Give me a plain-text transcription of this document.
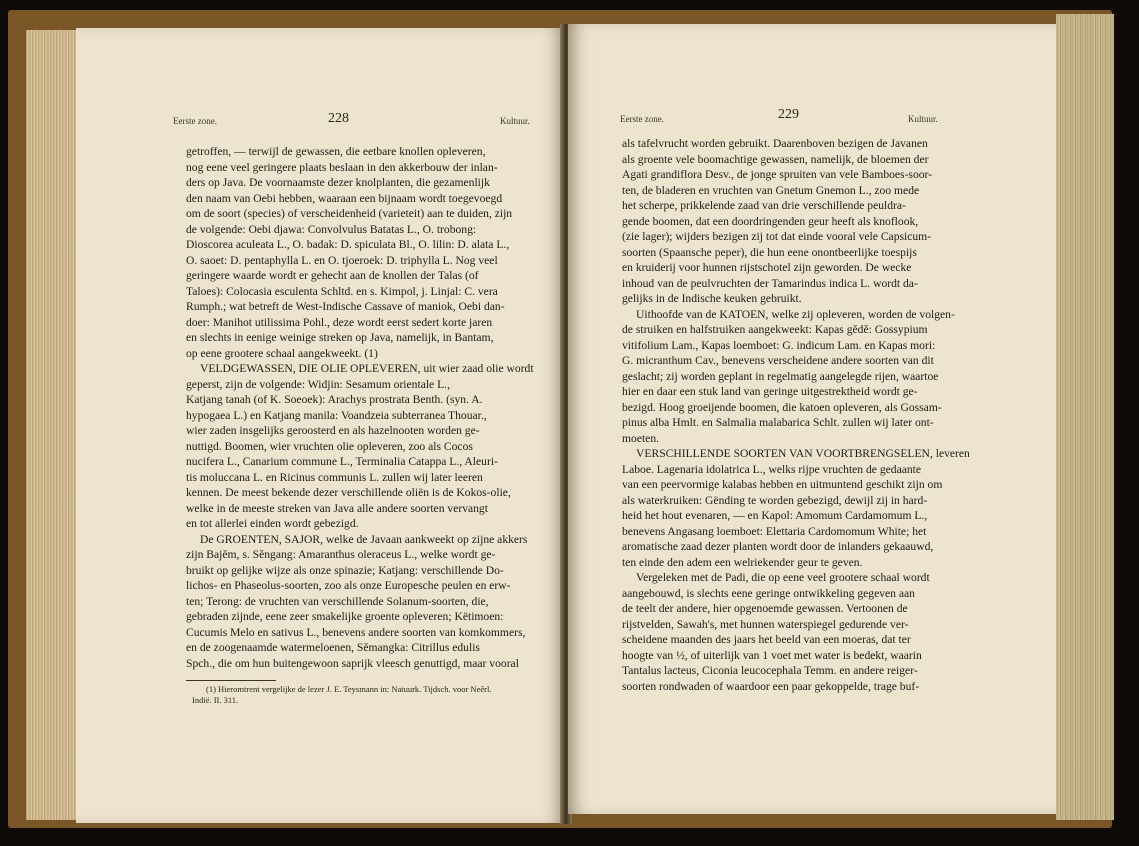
Eerste zone.	228	Kultuur.
getroffen, — terwijl de gewassen, die eetbare knollen opleveren,
nog eene veel geringere plaats beslaan in den akkerbouw der inlan-
ders op Java. De voornaamste dezer knolplanten, die gezamenlijk
den naam van Oebi hebben, waaraan een bijnaam wordt toegevoegd
om de soort (species) of verscheidenheid (varieteit) aan te duiden, zijn
de volgende: Oebi djawa: Convolvulus Batatas L., O. trobong:
Dioscorea aculeata L., O. badak: D. spiculata Bl., O. lilin: D. alata L.,
O. saoet: D. pentaphylla L. en O. tjoeroek: D. triphylla L. Nog veel
geringere waarde wordt er gehecht aan de knollen der Talas (of
Taloes): Colocasia esculenta Schltd. en s. Kimpol, j. Linjal: C. vera
Rumph.; wat betreft de West-Indische Cassave of maniok, Oebi dan-
doer: Manihot utilissima Pohl., deze wordt eerst sedert korte jaren
en slechts in eenige weinige streken op Java, namelijk, in Bantam,
op eene grootere schaal aangekweekt. (1)
VELDGEWASSEN, DIE OLIE OPLEVEREN, uit wier zaad olie wordt
geperst, zijn de volgende: Widjin: Sesamum orientale L.,
Katjang tanah (of K. Soeoek): Arachys prostrata Benth. (syn. A.
hypogaea L.) en Katjang manila: Voandzeia subterranea Thouar.,
wier zaden insgelijks geroosterd en als hazelnooten worden ge-
nuttigd. Boomen, wier vruchten olie opleveren, zoo als Cocos
nucifera L., Canarium commune L., Terminalia Catappa L., Aleuri-
tis moluccana L. en Ricinus communis L. zullen wij later leeren
kennen. De meest bekende dezer verschillende oliën is de Kokos-olie,
welke in de meeste streken van Java alle andere soorten vervangt
en tot allerlei einden wordt gebezigd.
De GROENTEN, SAJOR, welke de Javaan aankweekt op zijne akkers
zijn Bajĕm, s. Sĕngang: Amaranthus oleraceus L., welke wordt ge-
bruikt op gelijke wijze als onze spinazie; Katjang: verschillende Do-
lichos- en Phaseolus-soorten, zoo als onze Europesche peulen en erw-
ten; Terong: de vruchten van verschillende Solanum-soorten, die,
gebraden zijnde, eene zeer smakelijke groente opleveren; Këtimoen:
Cucumis Melo en sativus L., benevens andere soorten van komkommers,
en de zoogenaamde watermeloenen, Sĕmangka: Citrillus edulis
Spch., die om hun buitengewoon saprijk vleesch genuttigd, maar vooral
(1) Hieromtrent vergelijke de lezer J. E. Teysmann in: Natuurk. Tijdsch. voor Neêrl.
Indië. II. 311.
Eerste zone.	229	Kultuur.
als tafelvrucht worden gebruikt. Daarenboven bezigen de Javanen
als groente vele boomachtige gewassen, namelijk, de bloemen der
Agati grandiflora Desv., de jonge spruiten van vele Bamboes-soor-
ten, de bladeren en vruchten van Gnetum Gnemon L., zoo mede
het scherpe, prikkelende zaad van drie verschillende peuldra-
gende boomen, dat een doordringenden geur heeft als knoflook,
(zie lager); wijders bezigen zij tot dat einde vooral vele Capsicum-
soorten (Spaansche peper), die hun eene onontbeerlijke toespijs
en kruiderij voor hunnen rijstschotel zijn geworden. De wecke
inhoud van de peulvruchten der Tamarindus indica L. wordt da-
gelijks in de Indische keuken gebruikt.
Uithoofde van de KATOEN, welke zij opleveren, worden de volgen-
de struiken en halfstruiken aangekweekt: Kapas gĕdĕ: Gossypium
vitifolium Lam., Kapas loemboet: G. indicum Lam. en Kapas mori:
G. micranthum Cav., benevens verscheidene andere soorten van dit
geslacht; zij worden geplant in regelmatig aangelegde rijen, waartoe
hier en daar een stuk land van geringe uitgestrektheid wordt ge-
bezigd. Hoog groeijende boomen, die katoen opleveren, als Gossam-
pinus alba Hmlt. en Salmalia malabarica Schlt. zullen wij later ont-
moeten.
VERSCHILLENDE SOORTEN VAN VOORTBRENGSELEN, leveren
Laboe. Lagenaria idolatrica L., welks rijpe vruchten de gedaante
van een peervormige kalabas hebben en uitmuntend geschikt zijn om
als waterkruiken: Gënding te worden gebezigd, dewijl zij in hard-
heid het hout evenaren, — en Kapol: Amomum Cardamomum L.,
benevens Angasang loemboet: Elettaria Cardomomum White; het
aromatische zaad dezer planten wordt door de inlanders gekaauwd,
ten einde den adem een welriekender geur te geven.
Vergeleken met de Padi, die op eene veel grootere schaal wordt
aangebouwd, is slechts eene geringe ontwikkeling gegeven aan
de teelt der andere, hier opgenoemde gewassen. Vertoonen de
rijstvelden, Sawah's, met hunnen waterspiegel gedurende ver-
scheidene maanden des jaars het beeld van een moeras, dat ter
hoogte van ½, of uiterlijk van 1 voet met water is bedekt, waarin
Tantalus lacteus, Ciconia leucocephala Temm. en andere reiger-
soorten rondwaden of waardoor een paar gekoppelde, trage buf-
